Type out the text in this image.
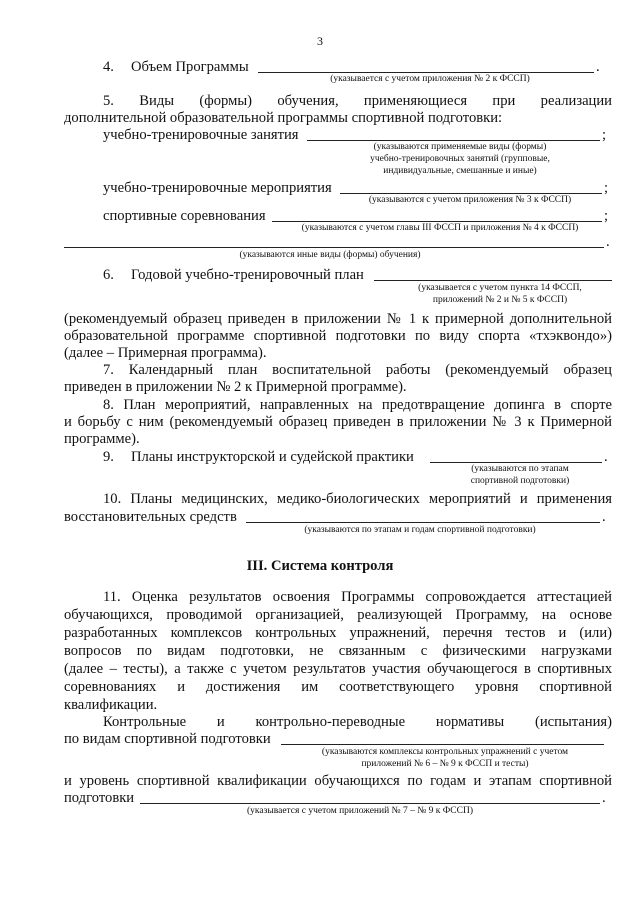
3
4. Объем Программы	.
(указывается с учетом приложения № 2 к ФССП)
5. Виды (формы) обучения, применяющиеся при реализации
дополнительной образовательной программы спортивной подготовки:
учебно-тренировочные занятия	;
(указываются применяемые виды (формы)
учебно-тренировочных занятий (групповые,
индивидуальные, смешанные и иные)
учебно-тренировочные мероприятия	;
(указываются с учетом приложения № 3 к ФССП)
спортивные соревнования	;
(указываются с учетом главы III ФССП и приложения № 4 к ФССП)
.
(указываются иные виды (формы) обучения)
6. Годовой учебно-тренировочный план
(указывается с учетом пункта 14 ФССП,
приложений № 2 и № 5 к ФССП)
(рекомендуемый образец приведен в приложении № 1 к примерной дополнительной
образовательной программе спортивной подготовки по виду спорта «тхэквондо»)
(далее – Примерная программа).
7. Календарный план воспитательной работы (рекомендуемый образец
приведен в приложении № 2 к Примерной программе).
8. План мероприятий, направленных на предотвращение допинга в спорте
и борьбу с ним (рекомендуемый образец приведен в приложении № 3 к Примерной
программе).
9. Планы инструкторской и судейской практики	.
(указываются по этапам
спортивной подготовки)
10. Планы медицинских, медико-биологических мероприятий и применения
восстановительных средств	.
(указываются по этапам и годам спортивной подготовки)
III. Система контроля
11. Оценка результатов освоения Программы сопровождается аттестацией
обучающихся, проводимой организацией, реализующей Программу, на основе
разработанных комплексов контрольных упражнений, перечня тестов и (или)
вопросов по видам подготовки, не связанным с физическими нагрузками
(далее – тесты), а также с учетом результатов участия обучающегося в спортивных
соревнованиях и достижения им соответствующего уровня спортивной
квалификации.
Контрольные и контрольно-переводные нормативы (испытания)
по видам спортивной подготовки
(указываются комплексы контрольных упражнений с учетом
приложений № 6 – № 9 к ФССП и тесты)
и уровень спортивной квалификации обучающихся по годам и этапам спортивной
подготовки	.
(указывается с учетом приложений № 7 – № 9 к ФССП)
